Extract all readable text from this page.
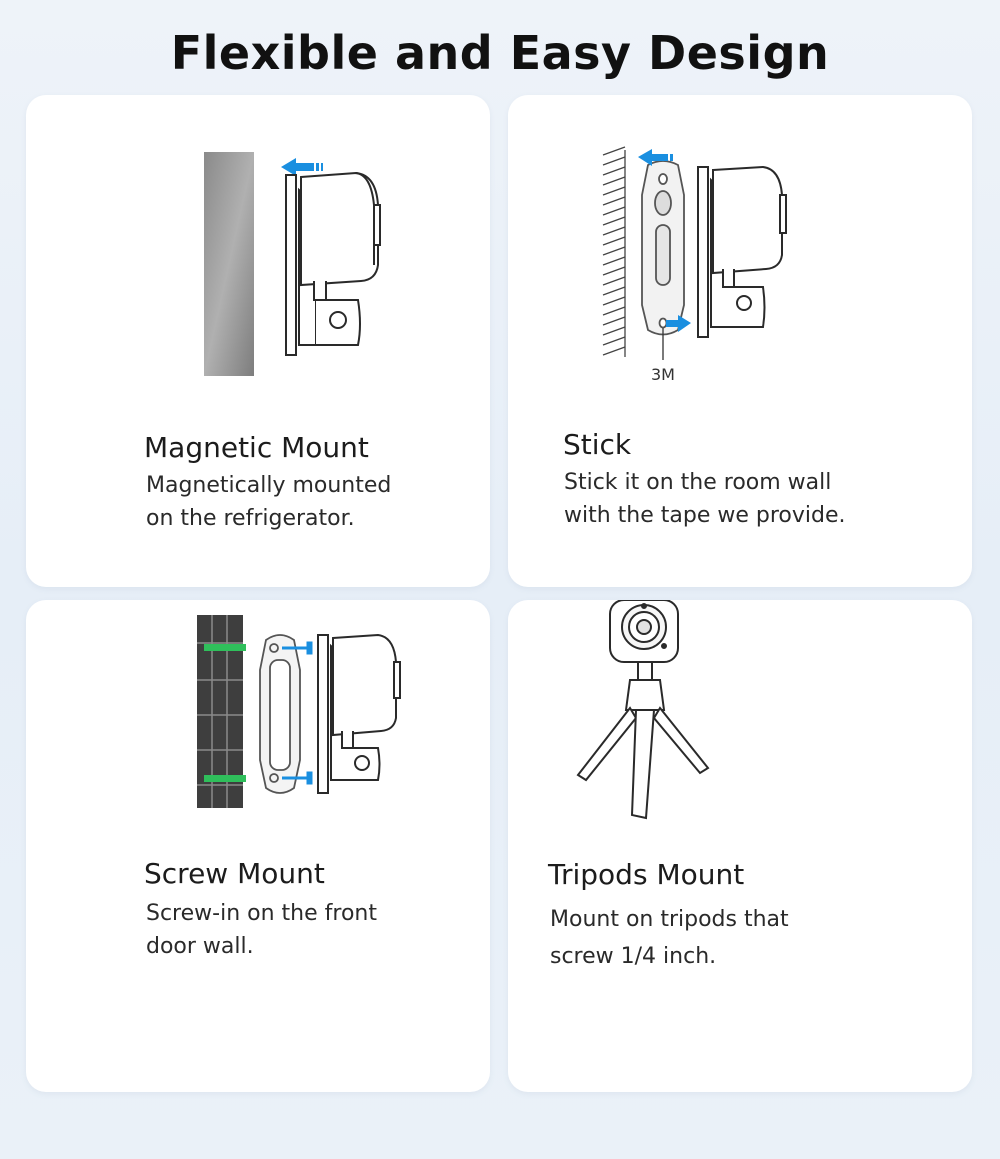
Flexible and Easy Design
Magnetic Mount
Magnetically mounted on the refrigerator.
3M
Stick
Stick it on the room wall with the tape we provide.
Screw Mount
Screw-in on the front door wall.
Tripods Mount
Mount on tripods that screw 1/4 inch.
